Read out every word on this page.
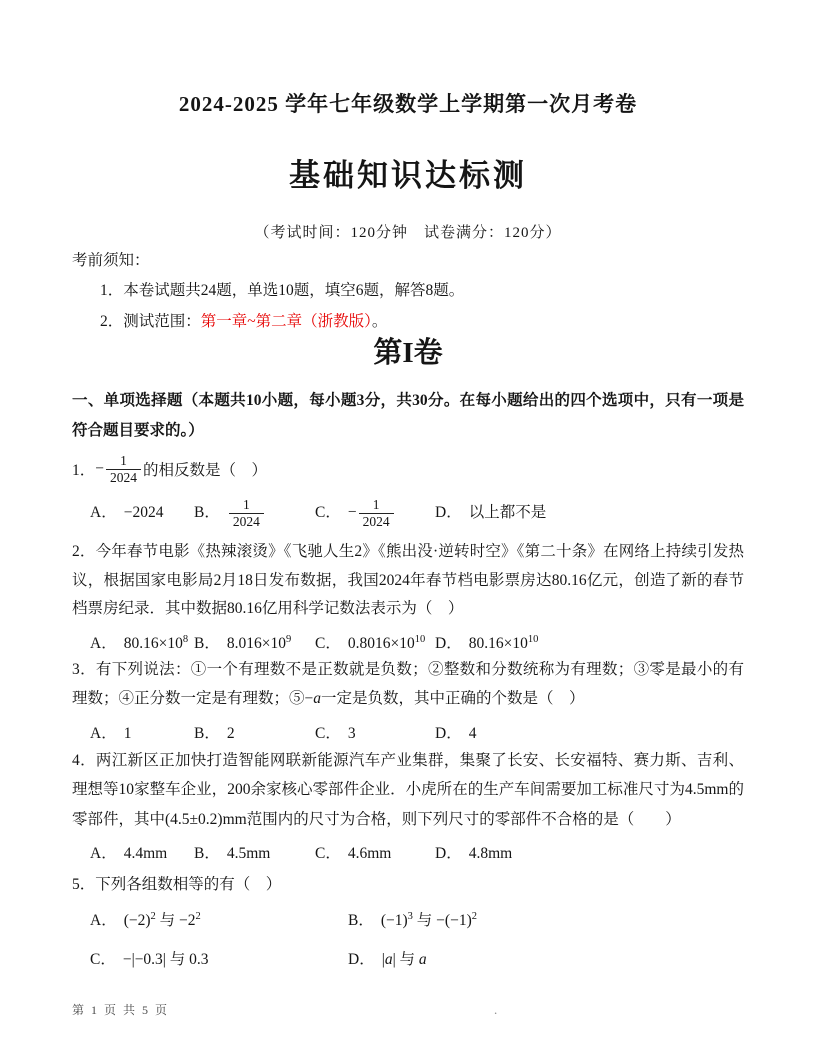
2024-2025 学年七年级数学上学期第一次月考卷
基础知识达标测
（考试时间：120分钟　试卷满分：120分）

考前须知：

1．本卷试题共24题，单选10题，填空6题，解答8题。

2．测试范围：第一章~第二章（浙教版）。

第I卷
一、单项选择题（本题共10小题，每小题3分，共30分。在每小题给出的四个选项中，只有一项是符合题目要求的。）
1． − $\frac{1}{2024}$ 的相反数是（　）
A． −2024	B． $\frac{1}{2024}$	C． − $\frac{1}{2024}$	D． 以上都不是

2．今年春节电影《热辣滚烫》《飞驰人生2》《熊出没·逆转时空》《第二十条》在网络上持续引发热议，根据国家电影局2月18日发布数据，我国2024年春节档电影票房达80.16亿元，创造了新的春节档票房纪录．其中数据80.16亿用科学记数法表示为（　）

A． $80.16\times 10^8$ B． $8.016\times 10^9$	C． $0.8016\times 10^{10}$ D． $80.16\times 10^{10}$

3．有下列说法：①一个有理数不是正数就是负数；②整数和分数统称为有理数；③零是最小的有理数；④正分数一定是有理数；⑤−a一定是负数，其中正确的个数是（　）

A． 1	B． 2	C． 3	D． 4

4．两江新区正加快打造智能网联新能源汽车产业集群，集聚了长安、长安福特、赛力斯、吉利、理想等10家整车企业，200余家核心零部件企业．小虎所在的生产车间需要加工标准尺寸为4.5mm的零部件，其中(4.5±0.2)mm范围内的尺寸为合格，则下列尺寸的零部件不合格的是（　　）

A． 4.4mm	B． 4.5mm	C． 4.6mm	D． 4.8mm

5．下列各组数相等的有（　）

A． $(-2)^2$ 与 $-2^2$	B． $(-1)^3$ 与 $-(-1)^2$
C． −|−0.3| 与 0.3	D． |a| 与 a
第 1 页 共 5 页	.
